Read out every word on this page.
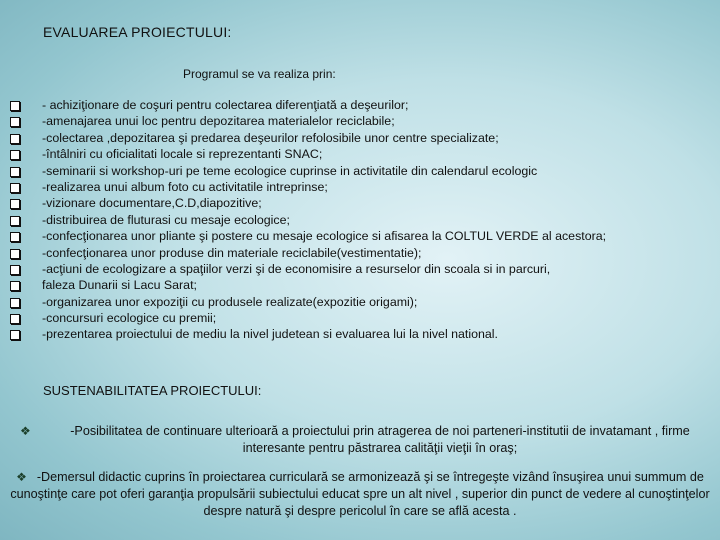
EVALUAREA PROIECTULUI:
Programul se va realiza prin:
- achiziţionare de coşuri pentru colectarea diferenţiată a deşeurilor;
-amenajarea unui loc pentru depozitarea materialelor reciclabile;
-colectarea ,depozitarea şi predarea deşeurilor refolosibile unor centre specializate;
-întâlniri cu oficialitati locale si reprezentanti SNAC;
-seminarii si workshop-uri pe teme ecologice cuprinse in activitatile din calendarul ecologic
-realizarea unui album foto cu activitatile intreprinse;
-vizionare documentare,C.D,diapozitive;
-distribuirea de fluturasi cu mesaje ecologice;
-confecţionarea unor pliante şi postere cu mesaje ecologice si afisarea la COLTUL VERDE al acestora;
-confecţionarea unor produse din materiale reciclabile(vestimentatie);
-acţiuni de ecologizare a spaţiilor verzi şi de economisire a resurselor din scoala si in parcuri,
faleza Dunarii si Lacu Sarat;
-organizarea unor expoziţii cu produsele realizate(expozitie origami);
-concursuri ecologice cu premii;
-prezentarea proiectului de mediu la nivel judetean si evaluarea lui la nivel national.
SUSTENABILITATEA PROIECTULUI:
❖	-Posibilitatea de continuare ulterioară a proiectului prin atragerea de noi parteneri-institutii de invatamant , firme interesante pentru păstrarea calităţii vieţii în oraş;
❖ -Demersul didactic cuprins în proiectarea curriculară se armonizează şi se întregeşte vizând însuşirea unui summum de cunoştinţe care pot oferi garanţia propulsării subiectului educat spre un alt nivel , superior din punct de vedere al cunoştinţelor despre natură şi despre pericolul în care se află acesta .
